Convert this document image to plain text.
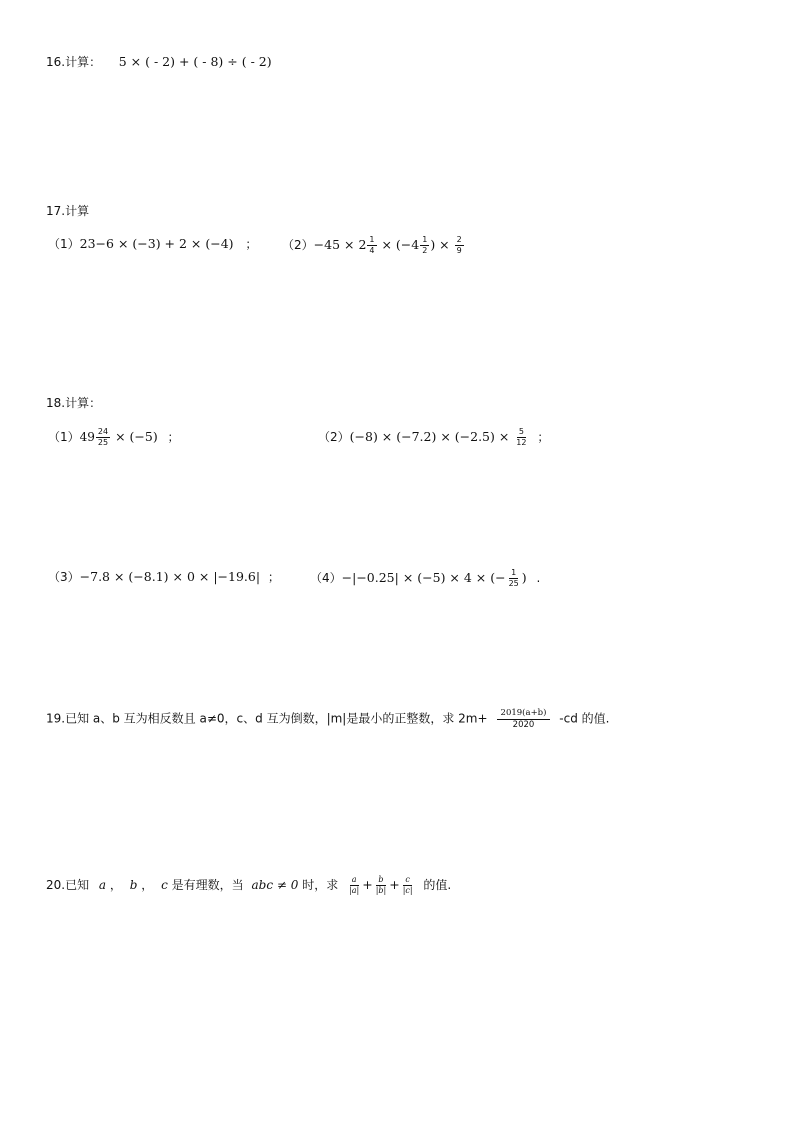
16.计算： 5 × ( - 2) + ( - 8) ÷ ( - 2)
17.计算
（1）23−6 × (−3) + 2 × (−4) ； $(2)-45 \times 2 \frac{1}{4} \times (-4 \frac{1}{2}$ ) × $\frac{2}{9}$
18.计算：
$(1)49 \frac{24}{25} \times (-5)$ ；	$(2)(-8) \times (-7.2) \times (-2.5) \times \frac{5}{12}$ ；
（3）−7.8 × (−8.1) × 0 × |−19.6| ；	（4）−|−0.25| × (−5) × 4 × (− $\frac{1}{25}$ ) .
19.已知 a、b 互为相反数且 a≠0，c、d 互为倒数，|m|是最小的正整数，求 $2m+ \frac{2019(a+b)}{2020} -cd$ 的值.
20.已知 a ， b ， c 是有理数，当 abc ≠ 0 时，求 $\frac{a}{|a|} + \frac{b}{|b|} + \frac{c}{|c|}$ 的值.
